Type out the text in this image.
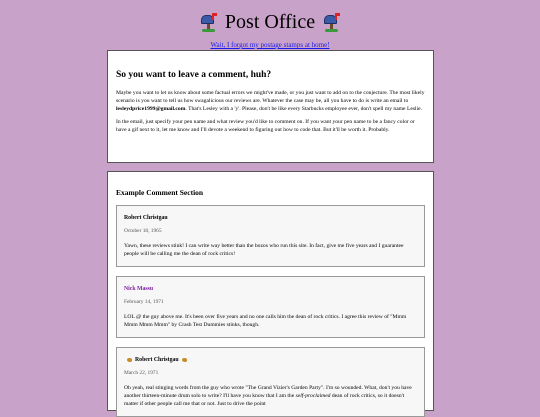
Post Office
Wait, I forgot my postage stamps at home!
So you want to leave a comment, huh?

Maybe you want to let us know about some factual errors we might've made, or you just want to add on to the conjecture. The most likely scenario is you want to tell us how swagalicious our reviews are. Whatever the case may be, all you have to do is write an email to lesleydprice1999@gmail.com. That's Lesley with a 'y'. Please, don't be like every Starbucks employee ever, don't spell my name Leslie.

In the email, just specify your pen name and what review you'd like to comment on. If you want your pen name to be a fancy color or have a gif next to it, let me know and I'll devote a weekend to figuring out how to code that. But it'll be worth it. Probably.

Example Comment Section
Robert Christgau
October 18, 1965
Yawn, these reviews stink! I can write way better than the bozos who run this site. In fact, give me five years and I guarantee people will be calling me the dean of rock critics!
Nick Massu
February 14, 1971
LOL @ the guy above me. It's been over five years and no one calls him the dean of rock critics. I agree this review of "Mmm Mmm Mmm Mmm" by Crash Test Dummies stinks, though.
Robert Christgau
March 22, 1971
Oh yeah, real stinging words from the guy who wrote "The Grand Vizier's Garden Party". I'm so wounded. What, don't you have another thirteen-minute drum solo to write? I'll have you know that I am the self-proclaimed dean of rock critics, so it doesn't matter if other people call me that or not. Just to drive the point
